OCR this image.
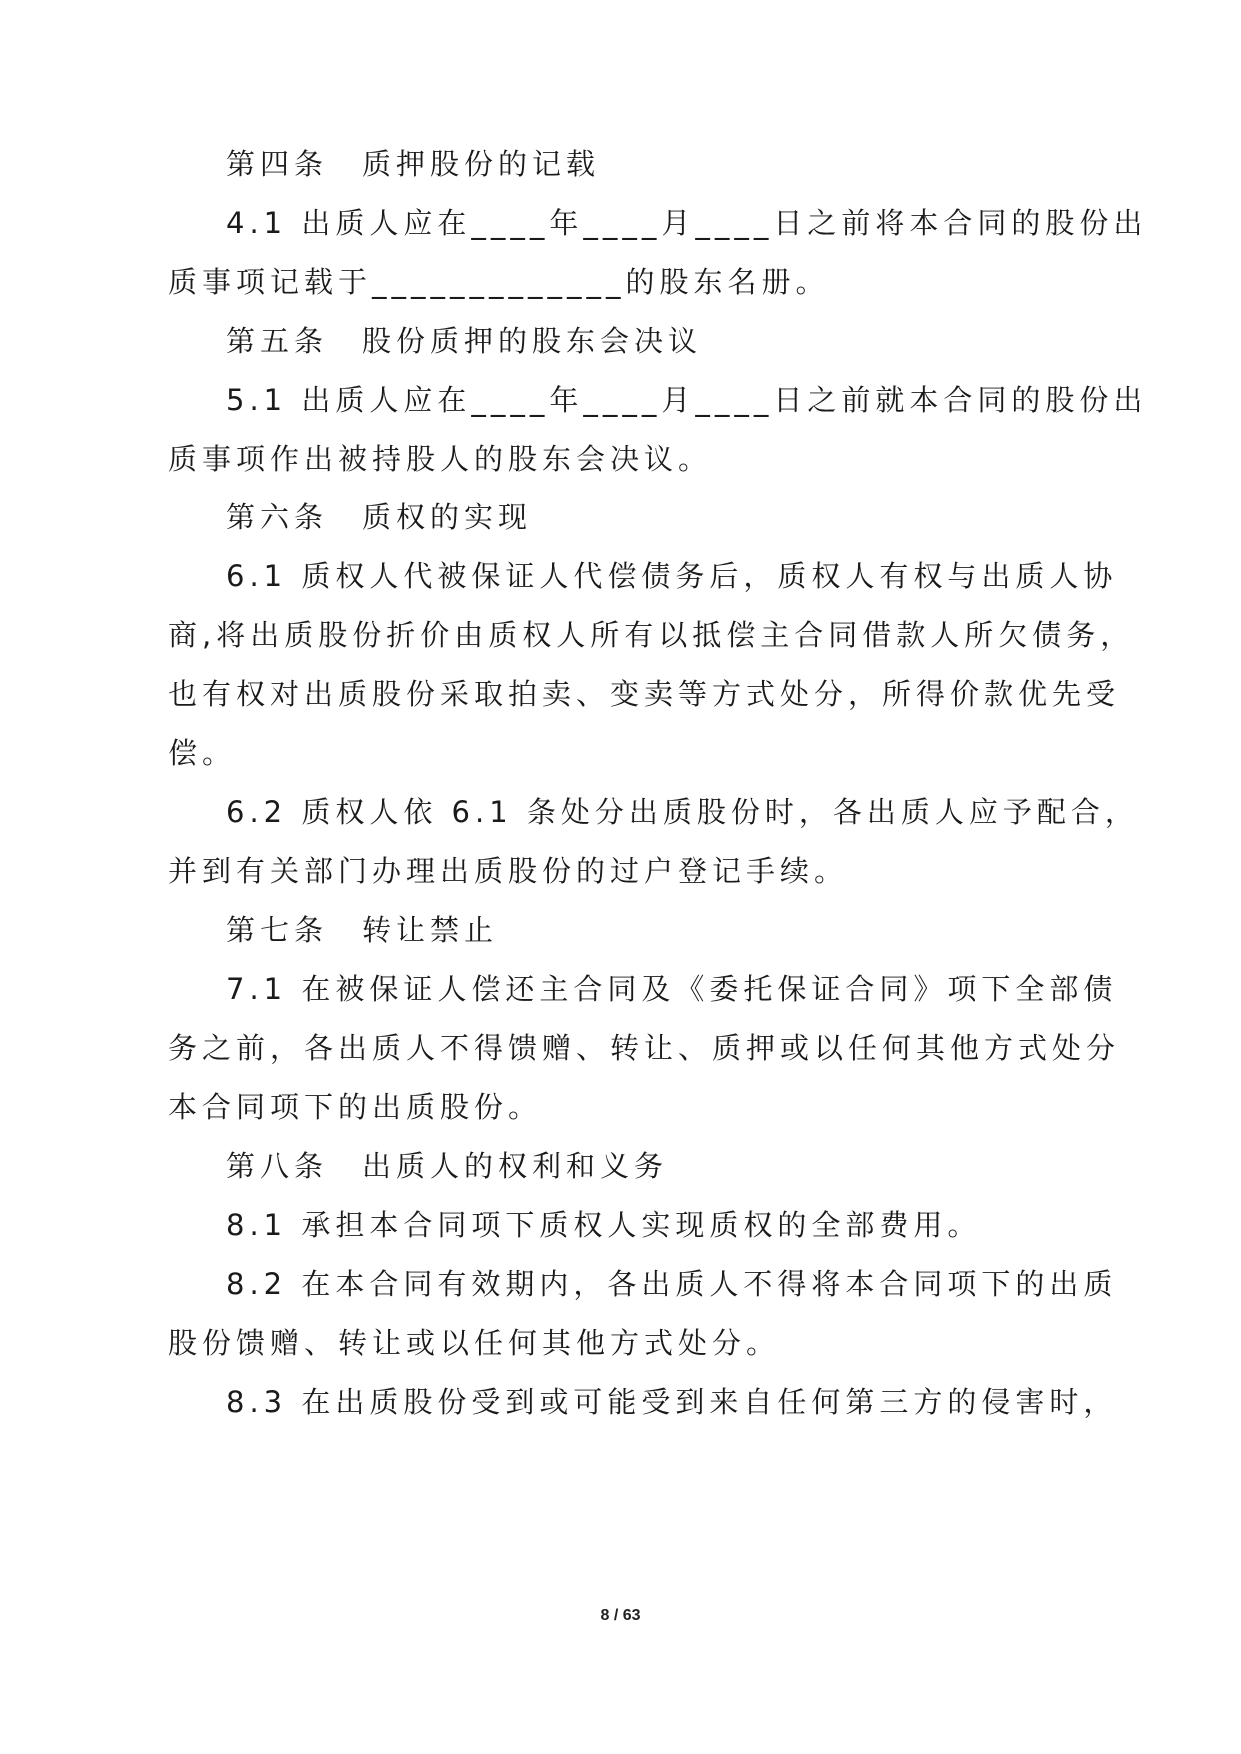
第四条　质押股份的记载
4.1 出质人应在____年____月____日之前将本合同的股份出
质事项记载于_____________的股东名册。
第五条　股份质押的股东会决议
5.1 出质人应在____年____月____日之前就本合同的股份出
质事项作出被持股人的股东会决议。
第六条　质权的实现
6.1 质权人代被保证人代偿债务后，质权人有权与出质人协
商,将出质股份折价由质权人所有以抵偿主合同借款人所欠债务，
也有权对出质股份采取拍卖、变卖等方式处分，所得价款优先受
偿。
6.2 质权人依 6.1 条处分出质股份时，各出质人应予配合，
并到有关部门办理出质股份的过户登记手续。
第七条　转让禁止
7.1 在被保证人偿还主合同及《委托保证合同》项下全部债
务之前，各出质人不得馈赠、转让、质押或以任何其他方式处分
本合同项下的出质股份。
第八条　出质人的权利和义务
8.1 承担本合同项下质权人实现质权的全部费用。
8.2 在本合同有效期内，各出质人不得将本合同项下的出质
股份馈赠、转让或以任何其他方式处分。
8.3 在出质股份受到或可能受到来自任何第三方的侵害时，
8 / 63
